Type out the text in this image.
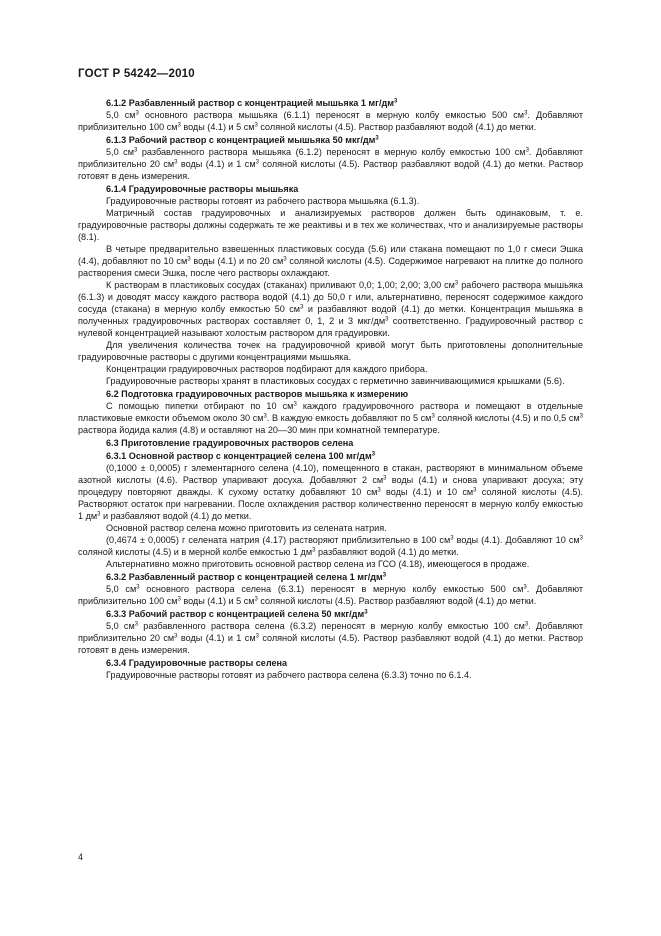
ГОСТ Р 54242—2010
6.1.2 Разбавленный раствор с концентрацией мышьяка 1 $мг/дм^3$
5,0 $см^3$ основного раствора мышьяка (6.1.1) переносят в мерную колбу емкостью 500 $см^3$. Добавляют приблизительно 100 $см^3$ воды (4.1) и 5 $см^3$ соляной кислоты (4.5). Раствор разбавляют водой (4.1) до метки.
6.1.3 Рабочий раствор с концентрацией мышьяка 50 мкг/$дм^3$
5,0 $см^3$ разбавленного раствора мышьяка (6.1.2) переносят в мерную колбу емкостью 100 $см^3$. Добавляют приблизительно 20 $см^3$ воды (4.1) и 1 $см^3$ соляной кислоты (4.5). Раствор разбавляют водой (4.1) до метки. Раствор готовят в день измерения.
6.1.4 Градуировочные растворы мышьяка
Градуировочные растворы готовят из рабочего раствора мышьяка (6.1.3).
Матричный состав градуировочных и анализируемых растворов должен быть одинаковым, т. е. градуировочные растворы должны содержать те же реактивы и в тех же количествах, что и анализируемые растворы (8.1).
В четыре предварительно взвешенных пластиковых сосуда (5.6) или стакана помещают по 1,0 г смеси Эшка (4.4), добавляют по 10 $см^3$ воды (4.1) и по 20 $см^3$ соляной кислоты (4.5). Содержимое нагревают на плитке до полного растворения смеси Эшка, после чего растворы охлаждают.
К растворам в пластиковых сосудах (стаканах) приливают 0,0; 1,00; 2,00; 3,00 $см^3$ рабочего раствора мышьяка (6.1.3) и доводят массу каждого раствора водой (4.1) до 50,0 г или, альтернативно, переносят содержимое каждого сосуда (стакана) в мерную колбу емкостью 50 $см^3$ и разбавляют водой (4.1) до метки. Концентрация мышьяка в полученных градуировочных растворах составляет 0, 1, 2 и 3 мкг/$дм^3$ соответственно. Градуировочный раствор с нулевой концентрацией называют холостым раствором для градуировки.
Для увеличения количества точек на градуировочной кривой могут быть приготовлены дополнительные градуировочные растворы с другими концентрациями мышьяка.
Концентрации градуировочных растворов подбирают для каждого прибора.
Градуировочные растворы хранят в пластиковых сосудах с герметично завинчивающимися крышками (5.6).
6.2 Подготовка градуировочных растворов мышьяка к измерению
С помощью пипетки отбирают по 10 $см^3$ каждого градуировочного раствора и помещают в отдельные пластиковые емкости объемом около 30 $см^3$. В каждую емкость добавляют по 5 $см^3$ соляной кислоты (4.5) и по 0,5 $см^3$ раствора йодида калия (4.8) и оставляют на 20—30 мин при комнатной температуре.
6.3 Приготовление градуировочных растворов селена
6.3.1 Основной раствор с концентрацией селена 100 $мг/дм^3$
(0,1000 ± 0,0005) г элементарного селена (4.10), помещенного в стакан, растворяют в минимальном объеме азотной кислоты (4.6). Раствор упаривают досуха. Добавляют 2 $см^3$ воды (4.1) и снова упаривают досуха; эту процедуру повторяют дважды. К сухому остатку добавляют 10 $см^3$ воды (4.1) и 10 $см^3$ соляной кислоты (4.5). Растворяют остаток при нагревании. После охлаждения раствор количественно переносят в мерную колбу емкостью 1 $дм^3$ и разбавляют водой (4.1) до метки.
Основной раствор селена можно приготовить из селената натрия.
(0,4674 ± 0,0005) г селената натрия (4.17) растворяют приблизительно в 100 $см^3$ воды (4.1). Добавляют 10 $см^3$ соляной кислоты (4.5) и в мерной колбе емкостью 1 $дм^3$ разбавляют водой (4.1) до метки.
Альтернативно можно приготовить основной раствор селена из ГСО (4.18), имеющегося в продаже.
6.3.2 Разбавленный раствор с концентрацией селена 1 $мг/дм^3$
5,0 $см^3$ основного раствора селена (6.3.1) переносят в мерную колбу емкостью 500 $см^3$. Добавляют приблизительно 100 $см^3$ воды (4.1) и 5 $см^3$ соляной кислоты (4.5). Раствор разбавляют водой (4.1) до метки.
6.3.3 Рабочий раствор с концентрацией селена 50 мкг/$дм^3$
5,0 $см^3$ разбавленного раствора селена (6.3.2) переносят в мерную колбу емкостью 100 $см^3$. Добавляют приблизительно 20 $см^3$ воды (4.1) и 1 $см^3$ соляной кислоты (4.5). Раствор разбавляют водой (4.1) до метки. Раствор готовят в день измерения.
6.3.4 Градуировочные растворы селена
Градуировочные растворы готовят из рабочего раствора селена (6.3.3) точно по 6.1.4.
4
